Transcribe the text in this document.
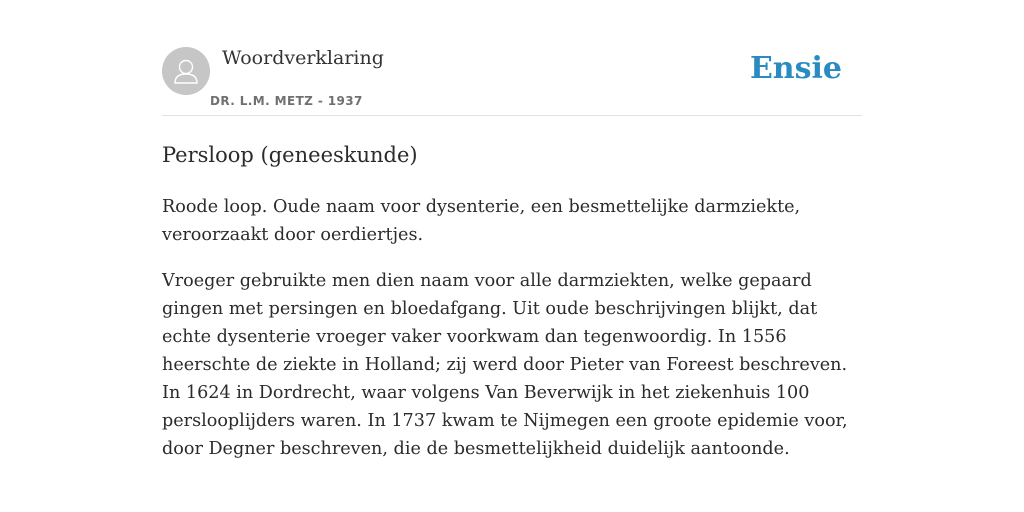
Woordverklaring
DR. L.M. METZ - 1937
Ensie
Persloop (geneeskunde)

Roode loop. Oude naam voor dysenterie, een besmettelijke darmziekte, veroorzaakt door oerdiertjes.

Vroeger gebruikte men dien naam voor alle darmziekten, welke gepaard gingen met persingen en bloedafgang. Uit oude beschrijvingen blijkt, dat echte dysenterie vroeger vaker voorkwam dan tegenwoordig. In 1556 heerschte de ziekte in Holland; zij werd door Pieter van Foreest beschreven. In 1624 in Dordrecht, waar volgens Van Beverwijk in het ziekenhuis 100 perslooplijders waren. In 1737 kwam te Nijmegen een groote epidemie voor, door Degner beschreven, die de besmettelijkheid duidelijk aantoonde.
